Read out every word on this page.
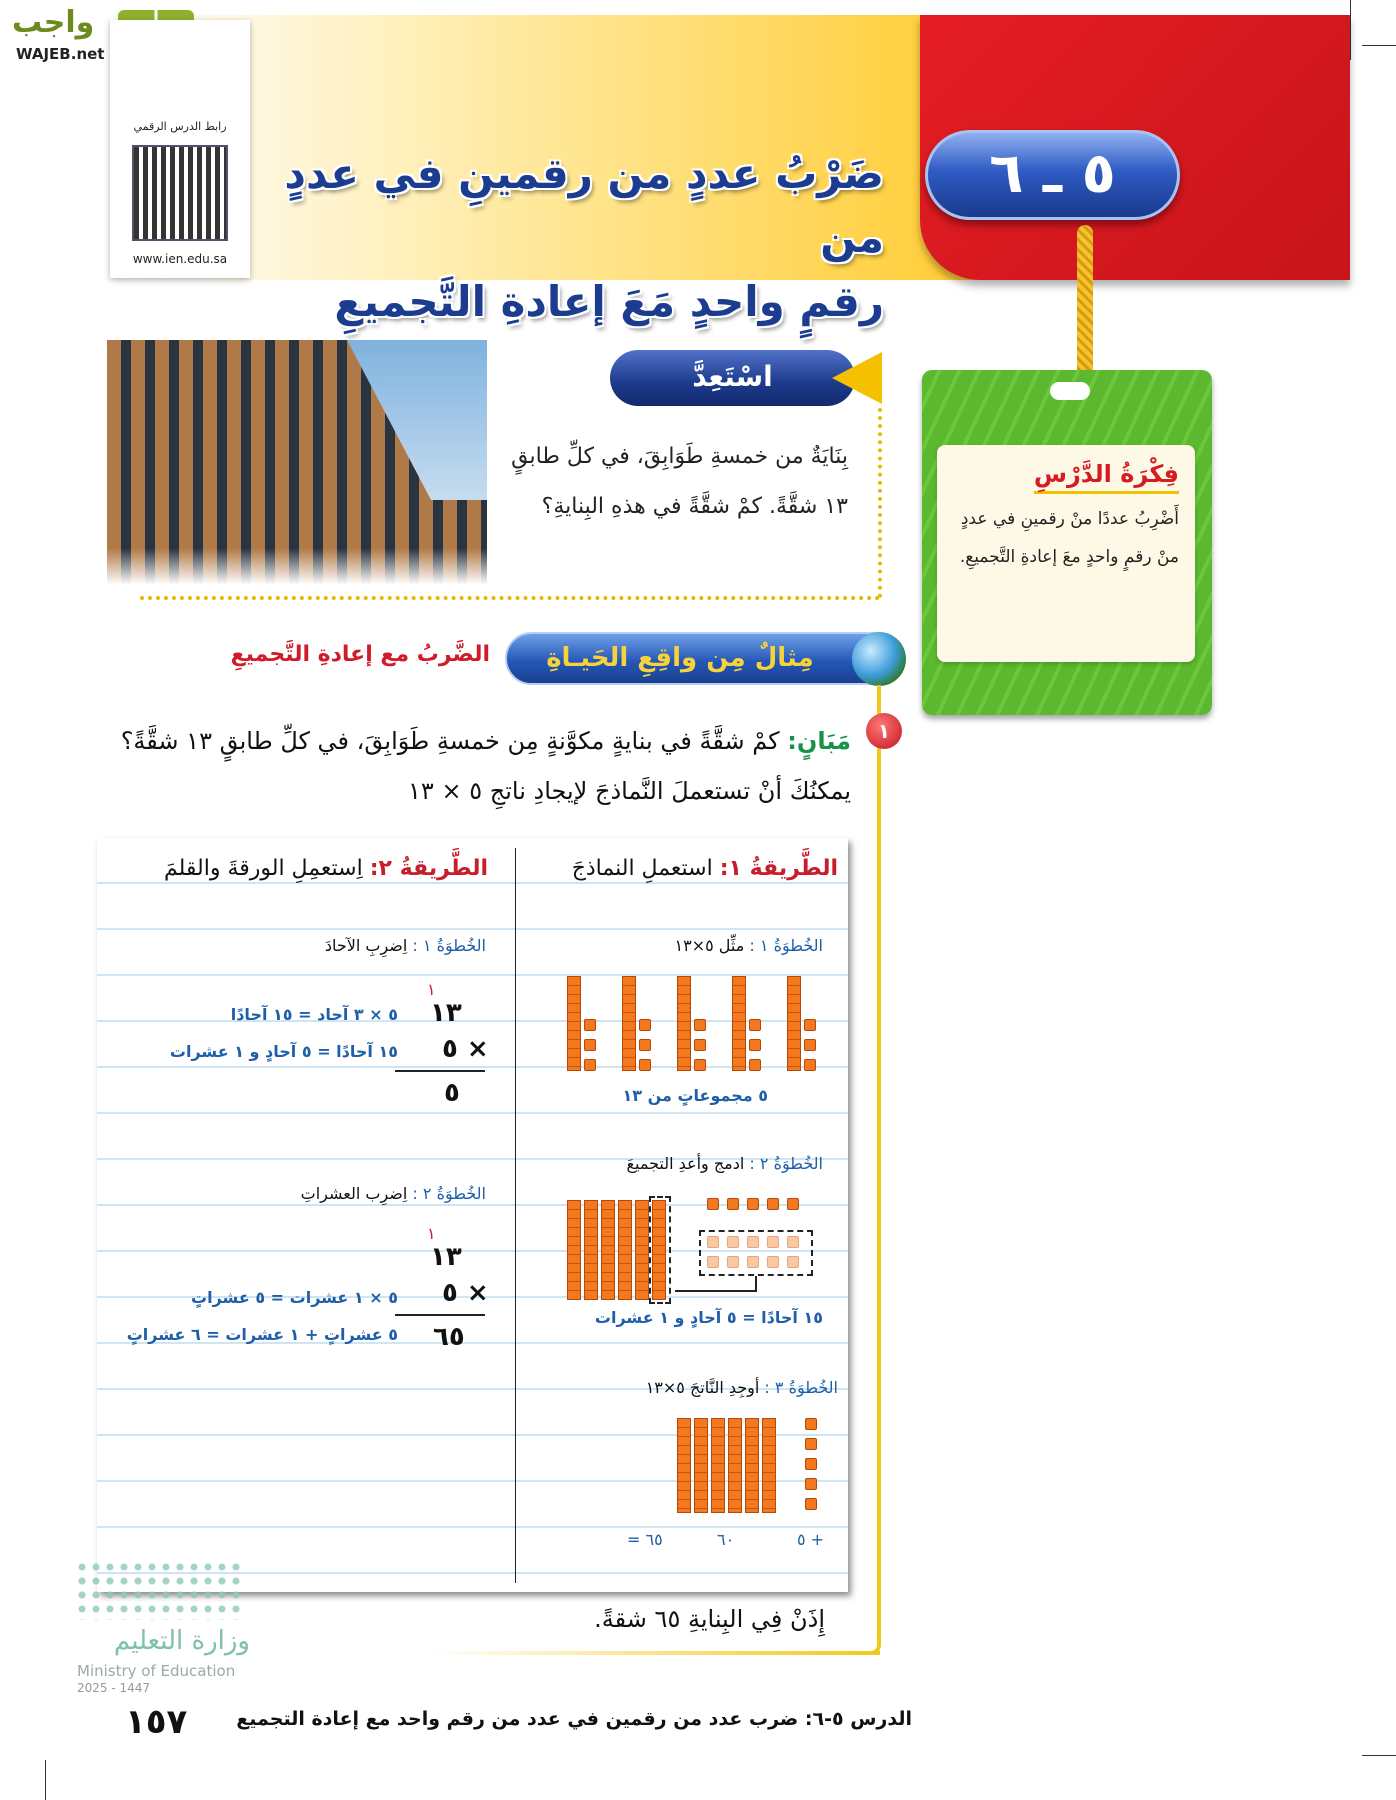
واجب
WAJEB.net
رابط الدرس الرقمي
www.ien.edu.sa
ضَرْبُ عددٍ من رقمينِ في عددٍ من
رقمٍ واحدٍ مَعَ إعادةِ التَّجميعِ
٥ ـ ٦
فِكْرَةُ الدَّرْسِ

أَضْرِبُ عددًا منْ رقمينِ في عددٍ منْ رقمٍ واحدٍ معَ إعادةِ التَّجميعِ.

اسْتَعِدَّ
بِنَايَةٌ من خمسةِ طَوَابِقَ، في كلِّ طابقٍ
١٣ شقَّةً. كمْ شقَّةً في هذهِ البِنايةِ؟
مِثالٌ مِن واقِعِ الحَيـاةِ
الضَّربُ مع إعادةِ التَّجميعِ
١
مَبَانٍ: كمْ شقَّةً في بنايةٍ مكوَّنةٍ مِن خمسةِ طَوَابِقَ، في كلِّ طابقٍ ١٣ شقَّةً؟
يمكنُكَ أنْ تستعملَ النَّماذجَ لإيجادِ ناتجِ ٥ × ١٣
الطَّريقةُ ١: استعملِ النماذجَ
الخُطوَةُ ١ : مثِّل ٥×١٣
٥ مجموعاتٍ من ١٣
الخُطوَةُ ٢ : ادمج وأعدِ التجميعَ
١٥ آحادًا = ٥ آحادٍ و ١ عشرات
الخُطوَةُ ٣ : أوجِدِ النَّاتجَ ٥×١٣
٥ +
٦٠
= ٦٥
الطَّريقةُ ٢: اِستعمِلِ الورقةَ والقلمَ
الخُطوَةُ ١ : اِضرِبِ الآحادَ
١
١٣
× ٥
٥
٥ × ٣ آحاد = ١٥ آحادًا
١٥ آحادًا = ٥ آحادٍ و ١ عشرات
الخُطوَةُ ٢ : اِضرِب العشراتِ
١
١٣
× ٥
٦٥
٥ × ١ عشرات = ٥ عشراتٍ
٥ عشراتٍ + ١ عشرات = ٦ عشراتٍ
إِذَنْ فِي البِنايةِ ٦٥ شقةً.
وزارة التعليم
Ministry of Education
2025 - 1447
١٥٧	الدرس ٥-٦: ضرب عدد من رقمين في عدد من رقم واحد مع إعادة التجميع
